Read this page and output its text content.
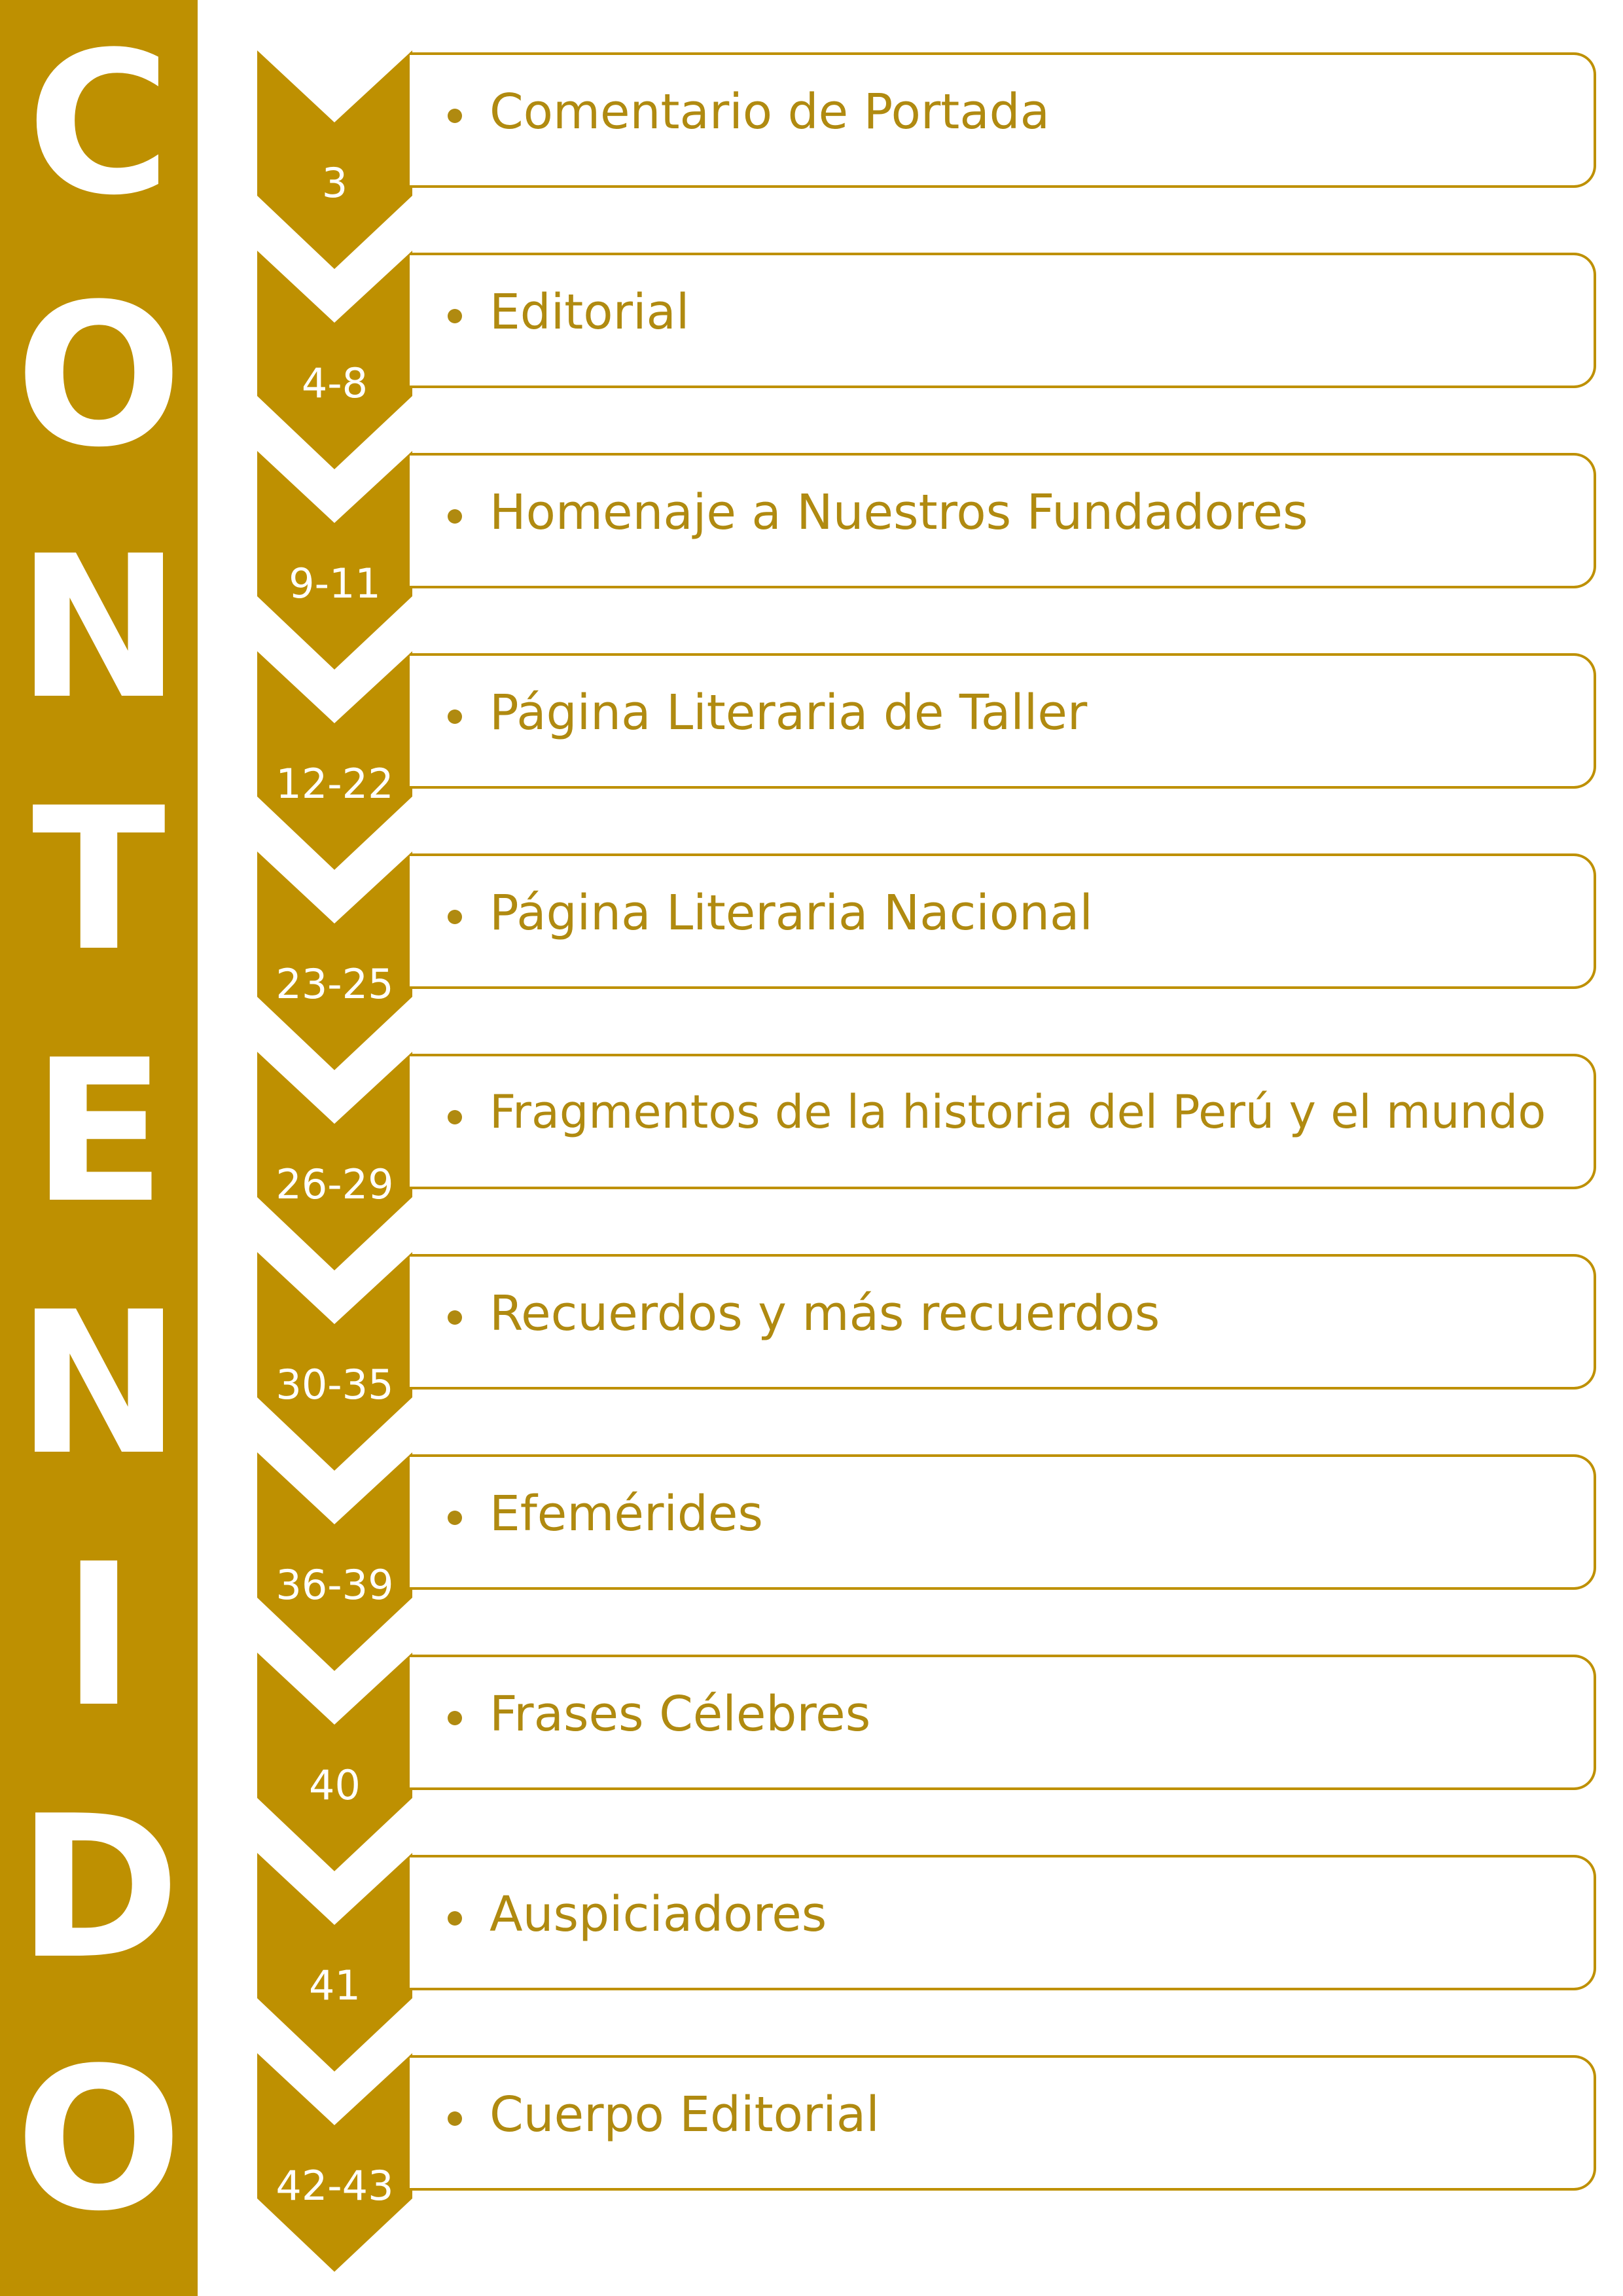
C
O
N
T
E
N
I
D
O
3
Comentario de Portada
4-8
Editorial
9-11
Homenaje a Nuestros Fundadores
12-22
Página Literaria de Taller
23-25
Página Literaria Nacional
26-29
Fragmentos de la historia del Perú y el mundo
30-35
Recuerdos y más recuerdos
36-39
Efemérides
40
Frases Célebres
41
Auspiciadores
42-43
Cuerpo Editorial
